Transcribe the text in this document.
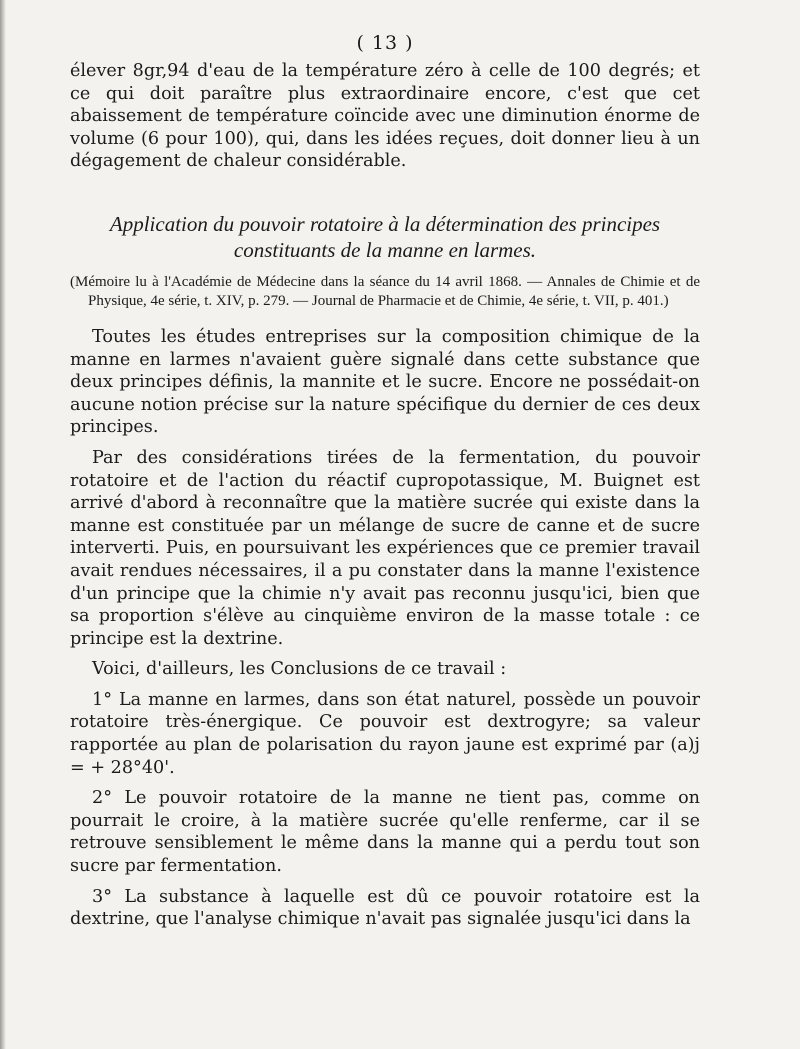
( 13 )

élever 8gr,94 d'eau de la température zéro à celle de 100 degrés; et ce qui doit paraître plus extraordinaire encore, c'est que cet abaissement de température coïncide avec une diminution énorme de volume (6 pour 100), qui, dans les idées reçues, doit donner lieu à un dégagement de chaleur considérable.

Application du pouvoir rotatoire à la détermination des principes
constituants de la manne en larmes.

(Mémoire lu à l'Académie de Médecine dans la séance du 14 avril 1868. — Annales de Chimie et de Physique, 4e série, t. XIV, p. 279. — Journal de Pharmacie et de Chimie, 4e série, t. VII, p. 401.)

Toutes les études entreprises sur la composition chimique de la manne en larmes n'avaient guère signalé dans cette substance que deux principes définis, la mannite et le sucre. Encore ne possédait-on aucune notion précise sur la nature spécifique du dernier de ces deux principes.

Par des considérations tirées de la fermentation, du pouvoir rotatoire et de l'action du réactif cupropotassique, M. Buignet est arrivé d'abord à reconnaître que la matière sucrée qui existe dans la manne est constituée par un mélange de sucre de canne et de sucre interverti. Puis, en poursuivant les expériences que ce premier travail avait rendues nécessaires, il a pu constater dans la manne l'existence d'un principe que la chimie n'y avait pas reconnu jusqu'ici, bien que sa proportion s'élève au cinquième environ de la masse totale : ce principe est la dextrine.

Voici, d'ailleurs, les Conclusions de ce travail :

1° La manne en larmes, dans son état naturel, possède un pouvoir rotatoire très-énergique. Ce pouvoir est dextrogyre; sa valeur rapportée au plan de polarisation du rayon jaune est exprimé par (a)j = + 28°40'.

2° Le pouvoir rotatoire de la manne ne tient pas, comme on pourrait le croire, à la matière sucrée qu'elle renferme, car il se retrouve sensiblement le même dans la manne qui a perdu tout son sucre par fermentation.

3° La substance à laquelle est dû ce pouvoir rotatoire est la dextrine, que l'analyse chimique n'avait pas signalée jusqu'ici dans la
